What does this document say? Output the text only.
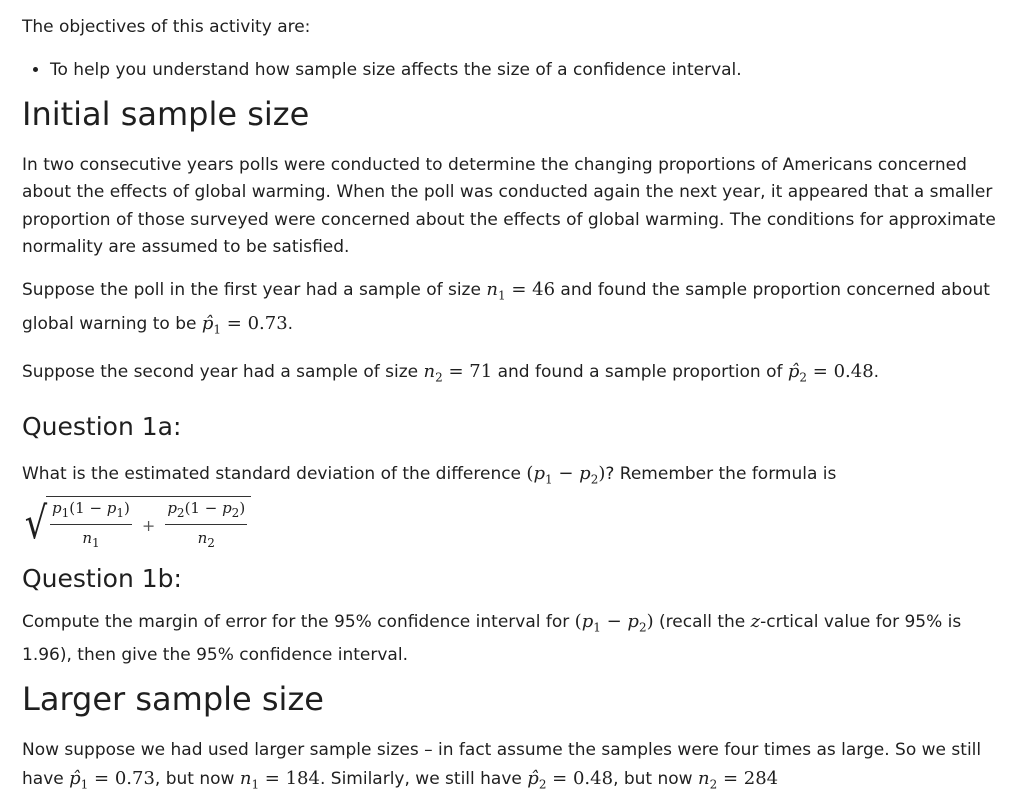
The objectives of this activity are:

• To help you understand how sample size affects the size of a confidence interval.
Initial sample size

In two consecutive years polls were conducted to determine the changing proportions of Americans concerned about the effects of global warming. When the poll was conducted again the next year, it appeared that a smaller proportion of those surveyed were concerned about the effects of global warming. The conditions for approximate normality are assumed to be satisfied.

Suppose the poll in the first year had a sample of size $n_1 = 46$ and found the sample proportion concerned about global warning to be $p̂_1 = 0.73$.

Suppose the second year had a sample of size $n_2 = 71$ and found a sample proportion of $p̂_2 = 0.48$.

Question 1a:

What is the estimated standard deviation of the difference $(p_1 - p_2)$? Remember the formula is

√ $\frac{p_1(1 - p_1)}{n_1} + \frac{p_2(1 - p_2)}{n_2}$
Question 1b:

Compute the margin of error for the 95% confidence interval for $(p_1 - p_2)$ (recall the z-crtical value for 95% is 1.96), then give the 95% confidence interval.

Larger sample size

Now suppose we had used larger sample sizes – in fact assume the samples were four times as large. So we still have $p̂_1 = 0.73$, but now $n_1 = 184$. Similarly, we still have $p̂_2 = 0.48$, but now $n_2 = 284$
